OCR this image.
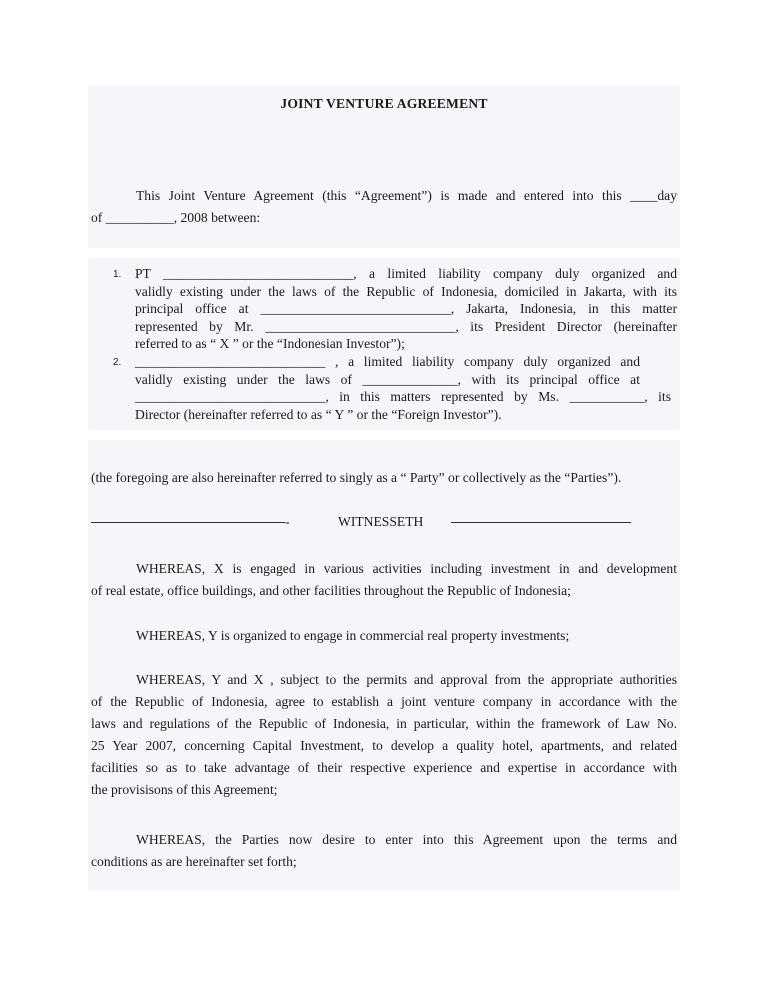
JOINT VENTURE AGREEMENT
This Joint Venture Agreement (this “Agreement”) is made and entered into this ____day
of __________, 2008 between:
1. PT ____________________________, a limited liability company duly organized and
validly existing under the laws of the Republic of Indonesia, domiciled in Jakarta, with its
principal office at ____________________________, Jakarta, Indonesia, in this matter
represented by Mr. ____________________________, its President Director (hereinafter
referred to as “ X ” or the “Indonesian Investor”);
2. ____________________________ , a limited liability company duly organized and
validly existing under the laws of ______________, with its principal office at
____________________________, in this matters represented by Ms. ___________, its
Director (hereinafter referred to as “ Y ” or the “Foreign Investor”).
(the foregoing are also hereinafter referred to singly as a “ Party” or collectively as the “Parties”).
-	WITNESSETH
WHEREAS, X is engaged in various activities including investment in and development
of real estate, office buildings, and other facilities throughout the Republic of Indonesia;
WHEREAS, Y is organized to engage in commercial real property investments;
WHEREAS, Y and X , subject to the permits and approval from the appropriate authorities
of the Republic of Indonesia, agree to establish a joint venture company in accordance with the
laws and regulations of the Republic of Indonesia, in particular, within the framework of Law No.
25 Year 2007, concerning Capital Investment, to develop a quality hotel, apartments, and related
facilities so as to take advantage of their respective experience and expertise in accordance with
the provisisons of this Agreement;
WHEREAS, the Parties now desire to enter into this Agreement upon the terms and
conditions as are hereinafter set forth;
